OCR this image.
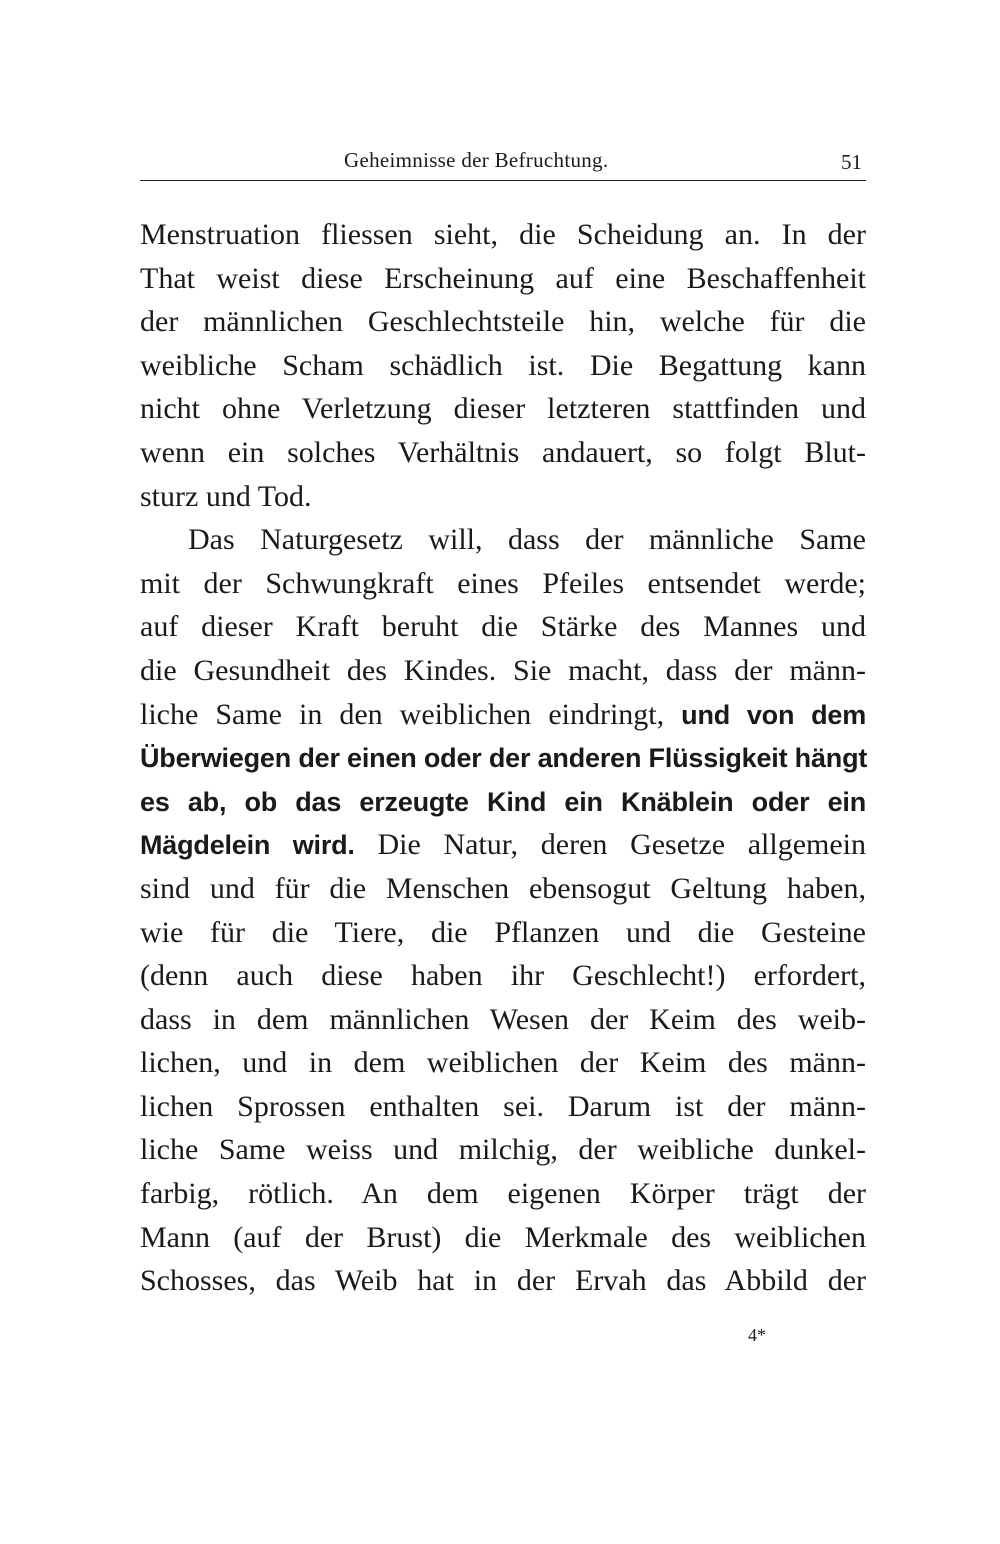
Geheimnisse der Befruchtung.	51
Menstruation fliessen sieht, die Scheidung an. In der
That weist diese Erscheinung auf eine Beschaffenheit
der männlichen Geschlechtsteile hin, welche für die
weibliche Scham schädlich ist. Die Begattung kann
nicht ohne Verletzung dieser letzteren stattfinden und
wenn ein solches Verhältnis andauert, so folgt Blut-
sturz und Tod.
Das Naturgesetz will, dass der männliche Same
mit der Schwungkraft eines Pfeiles entsendet werde;
auf dieser Kraft beruht die Stärke des Mannes und
die Gesundheit des Kindes. Sie macht, dass der männ-
liche Same in den weiblichen eindringt, und von dem
Überwiegen der einen oder der anderen Flüssigkeit hängt
es ab, ob das erzeugte Kind ein Knäblein oder ein
Mägdelein wird. Die Natur, deren Gesetze allgemein
sind und für die Menschen ebensogut Geltung haben,
wie für die Tiere, die Pflanzen und die Gesteine
(denn auch diese haben ihr Geschlecht!) erfordert,
dass in dem männlichen Wesen der Keim des weib-
lichen, und in dem weiblichen der Keim des männ-
lichen Sprossen enthalten sei. Darum ist der männ-
liche Same weiss und milchig, der weibliche dunkel-
farbig, rötlich. An dem eigenen Körper trägt der
Mann (auf der Brust) die Merkmale des weiblichen
Schosses, das Weib hat in der Ervah das Abbild der
4*
